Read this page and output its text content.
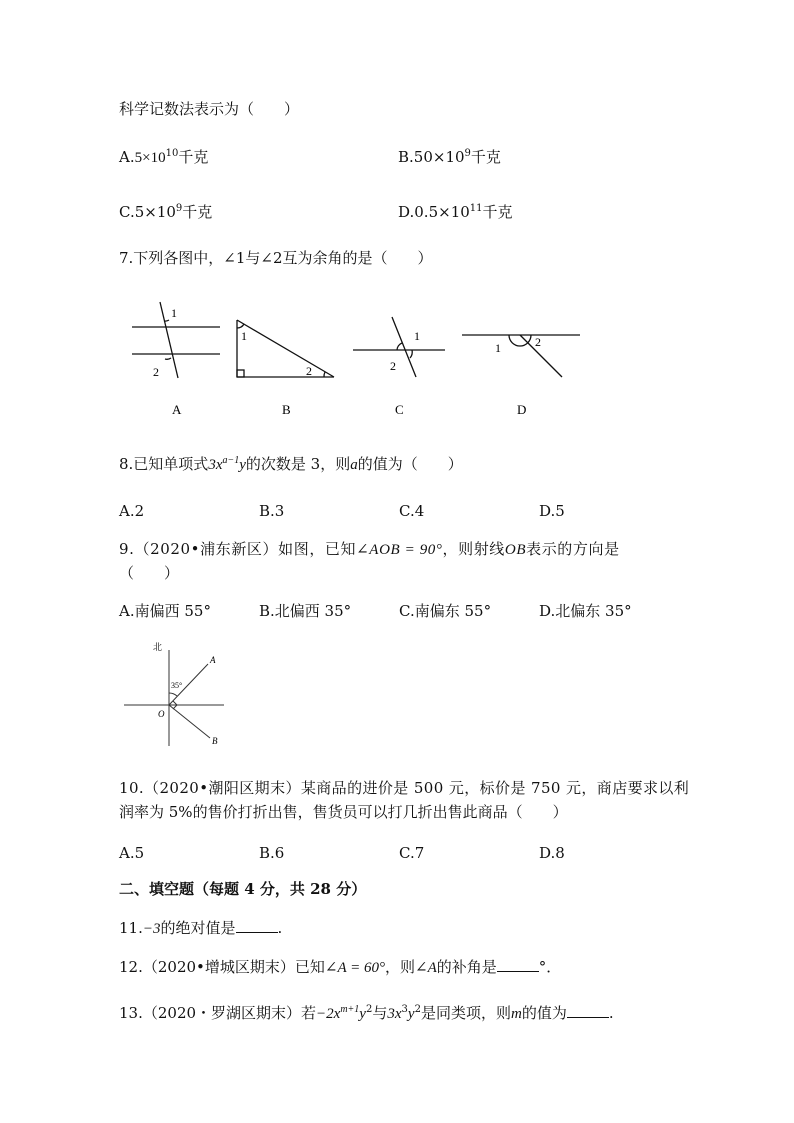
科学记数法表示为（　　）
$A.5\times 10^{10}$千克	$B.50\times 10^9$千克
$C.5\times 10^9$千克	$D.0.5\times 10^{11}$千克
7.下列各图中，∠1与∠2互为余角的是（　　）
1
2
A
1
2
B
1
2
C
1	2
D
8.已知单项式$3x^{a-1}y$的次数是 3，则a的值为（　　）
A.2	B.3	C.4	D.5
9.（2020•浦东新区）如图，已知∠AOB = 90°，则射线OB表示的方向是
（　　）
A.南偏西 55°	B.北偏西 35°	C.南偏东 55°	D.北偏东 35°
北
A
B
O
35°
10.（2020•潮阳区期末）某商品的进价是 500 元，标价是 750 元，商店要求以利
润率为 5%的售价打折出售，售货员可以打几折出售此商品（　　）
A.5	B.6	C.7	D.8
二、填空题（每题 4 分，共 28 分）
11.−3的绝对值是	.
12.（2020•增城区期末）已知∠A = 60°，则∠A的补角是	°．
13.（2020・罗湖区期末）若$-2x^{m+1}y^2$与$3x^3y^2$是同类项，则m的值为	.
